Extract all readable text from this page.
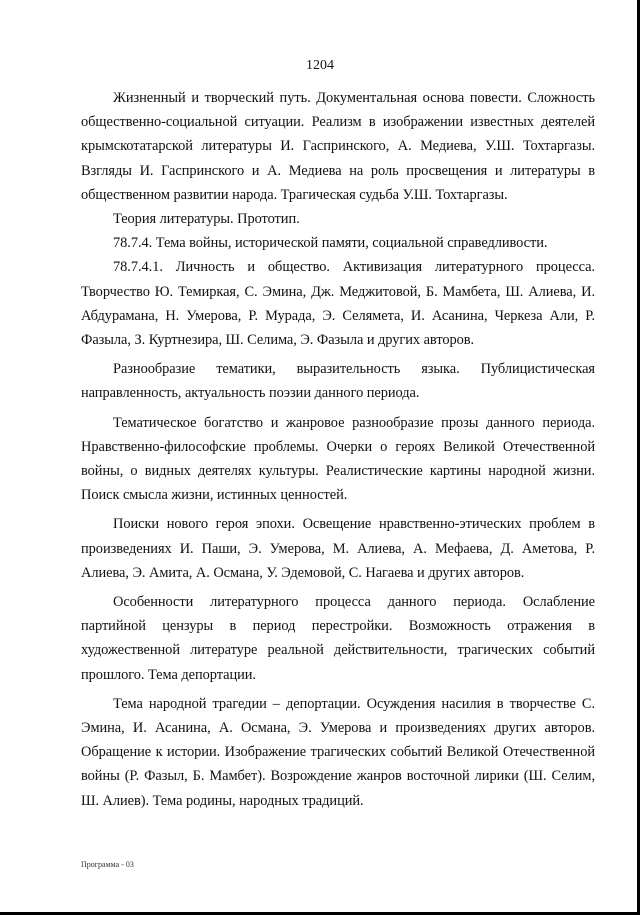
1204

Жизненный и творческий путь. Документальная основа повести. Сложность общественно-социальной ситуации. Реализм в изображении известных деятелей крымскотатарской литературы И. Гаспринского, А. Медиева, У.Ш. Тохтаргазы. Взгляды И. Гаспринского и А. Медиева на роль просвещения и литературы в общественном развитии народа. Трагическая судьба У.Ш. Тохтаргазы.

Теория литературы. Прототип.

78.7.4. Тема войны, исторической памяти, социальной справедливости.

78.7.4.1. Личность и общество. Активизация литературного процесса. Творчество Ю. Темиркая, С. Эмина, Дж. Меджитовой, Б. Мамбета, Ш. Алиева, И. Абдурамана, Н. Умерова, Р. Мурада, Э. Селямета, И. Асанина, Черкеза Али, Р. Фазыла, З. Куртнезира, Ш. Селима, Э. Фазыла и других авторов.

Разнообразие тематики, выразительность языка. Публицистическая направленность, актуальность поэзии данного периода.

Тематическое богатство и жанровое разнообразие прозы данного периода. Нравственно-философские проблемы. Очерки о героях Великой Отечественной войны, о видных деятелях культуры. Реалистические картины народной жизни. Поиск смысла жизни, истинных ценностей.

Поиски нового героя эпохи. Освещение нравственно-этических проблем в произведениях И. Паши, Э. Умерова, М. Алиева, А. Мефаева, Д. Аметова, Р. Алиева, Э. Амита, А. Османа, У. Эдемовой, С. Нагаева и других авторов.

Особенности литературного процесса данного периода. Ослабление партийной цензуры в период перестройки. Возможность отражения в художественной литературе реальной действительности, трагических событий прошлого. Тема депортации.

Тема народной трагедии – депортации. Осуждения насилия в творчестве С. Эмина, И. Асанина, А. Османа, Э. Умерова и произведениях других авторов. Обращение к истории. Изображение трагических событий Великой Отечественной войны (Р. Фазыл, Б. Мамбет). Возрождение жанров восточной лирики (Ш. Селим, Ш. Алиев). Тема родины, народных традиций.

Программа - 03
